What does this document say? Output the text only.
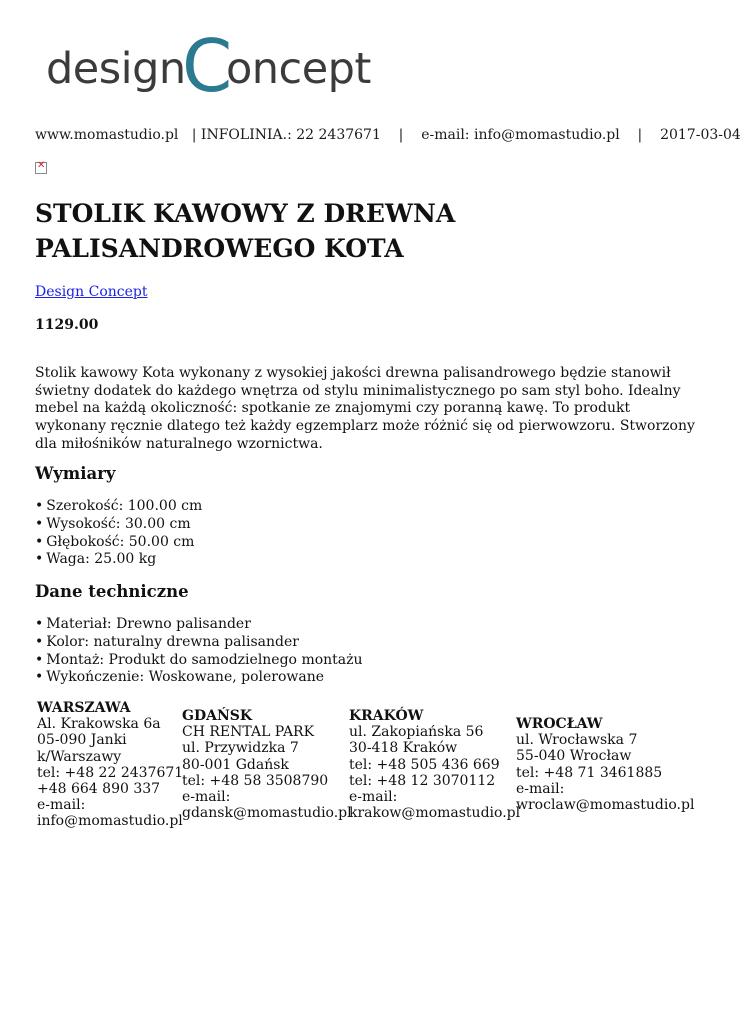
design
C
oncept
www.momastudio.pl | INFOLINIA.: 22 2437671 | e-mail: info@momastudio.pl | 2017-03-04
✕
STOLIK KAWOWY Z DREWNA PALISANDROWEGO KOTA
Design Concept
1129.00

Stolik kawowy Kota wykonany z wysokiej jakości drewna palisandrowego będzie stanowił świetny dodatek do każdego wnętrza od stylu minimalistycznego po sam styl boho. Idealny mebel na każdą okoliczność: spotkanie ze znajomymi czy poranną kawę. To produkt wykonany ręcznie dlatego też każdy egzemplarz może różnić się od pierwowzoru. Stworzony dla miłośników naturalnego wzornictwa.

Wymiary
• Szerokość: 100.00 cm
• Wysokość: 30.00 cm
• Głębokość: 50.00 cm
• Waga: 25.00 kg
Dane techniczne
• Materiał: Drewno palisander
• Kolor: naturalny drewna palisander
• Montaż: Produkt do samodzielnego montażu
• Wykończenie: Woskowane, polerowane
WARSZAWA
Al. Krakowska 6a
05-090 Janki
k/Warszawy
tel: +48 22 2437671
+48 664 890 337
e-mail:
info@momastudio.pl
GDAŃSK
CH RENTAL PARK
ul. Przywidzka 7
80-001 Gdańsk
tel: +48 58 3508790
e-mail:
gdansk@momastudio.pl
KRAKÓW
ul. Zakopiańska 56
30-418 Kraków
tel: +48 505 436 669
tel: +48 12 3070112
e-mail:
krakow@momastudio.pl
WROCŁAW
ul. Wrocławska 7
55-040 Wrocław
tel: +48 71 3461885
e-mail:
wroclaw@momastudio.pl
